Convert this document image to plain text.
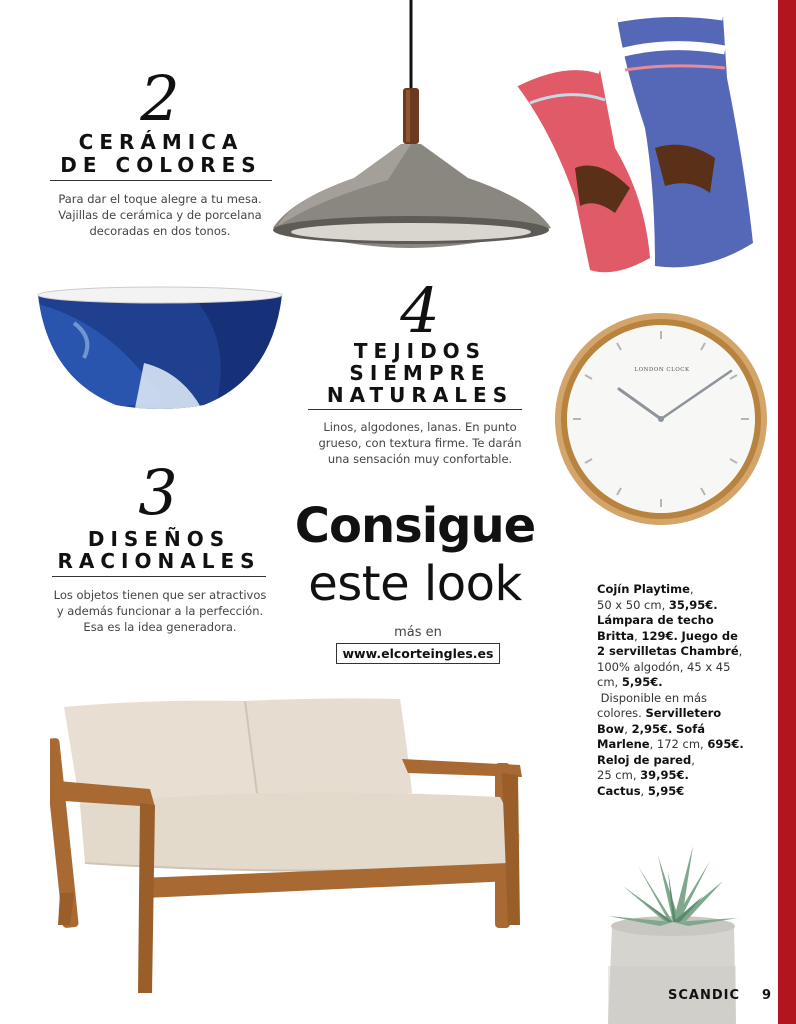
2
CERÁMICA
DE COLORES
Para dar el toque alegre a tu mesa.
Vajillas de cerámica y de porcelana
decoradas en dos tonos.
4
TEJIDOS
SIEMPRE
NATURALES
Linos, algodones, lanas. En punto
grueso, con textura firme. Te darán
una sensación muy confortable.
LONDON CLOCK
3
DISEÑOS
RACIONALES
Los objetos tienen que ser atractivos
y además funcionar a la perfección.
Esa es la idea generadora.
Consigue
este look
más en
www.elcorteingles.es
Cojín Playtime,
50 x 50 cm, 35,95€.
Lámpara de techo Britta, 129€. Juego de 2 servilletas Chambré,
100% algodón, 45 x 45 cm, 5,95€.
Disponible en más colores. Servilletero Bow, 2,95€. Sofá Marlene, 172 cm, 695€.
Reloj de pared,
25 cm, 39,95€.
Cactus, 5,95€
SCANDIC 9
